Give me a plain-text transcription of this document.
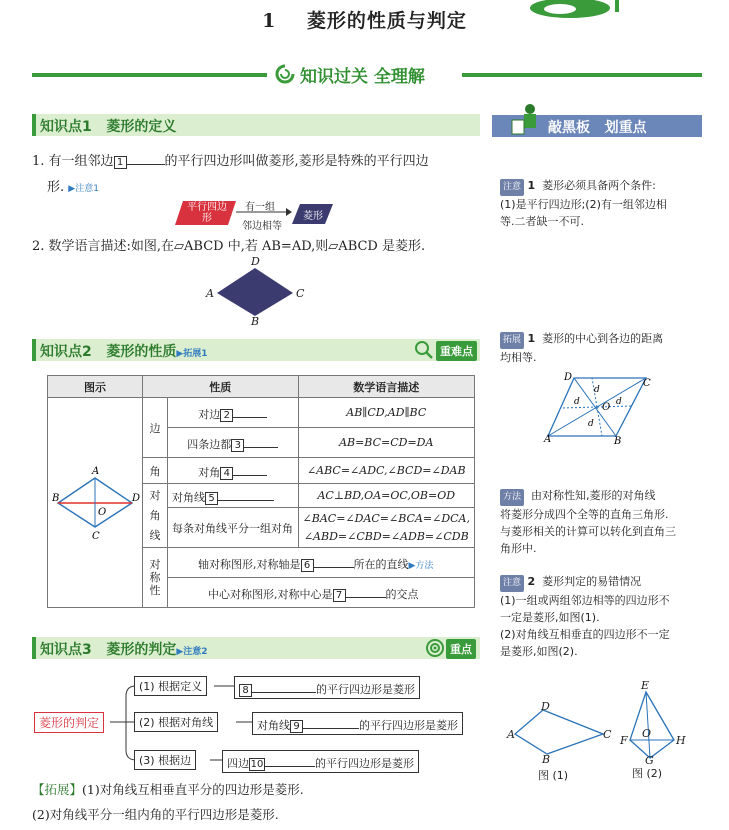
1 菱形的性质与判定
知识过关 全理解
知识点1 菱形的定义
1. 有一组邻边 1	的平行四边形叫做菱形,菱形是特殊的平行四边
形. ▶注意1
平行四边形
有一组
邻边相等
菱形
2. 数学语言描述:如图,在▱ABCD 中,若 AB=AD,则▱ABCD 是菱形.
D
A	C
B
知识点2 菱形的性质▶拓展1	重难点
图示	性质		数学语言描述

A
B D
C
O	边	对边 2	AB∥CD,AD∥BC
		四条边都 3	AB=BC=CD=DA
	角	对角 4	∠ABC=∠ADC,∠BCD=∠DAB
	对角线	对角线 5	AC⊥BD,OA=OC,OB=OD
		每条对角线平分一组对角	∠BAC=∠DAC=∠BCA=∠DCA,
∠ABD=∠CBD=∠ADB=∠CDB
	对称性	轴对称图形,对称轴是 6 所在的直线▶方法	
		中心对称图形,对称中心是 7 的交点	
知识点3 菱形的判定▶注意2	重点
菱形的判定
(1) 根据定义	8	的平行四边形是菱形
(2) 根据对角线	对角线 9	的平行四边形是菱形
(3) 根据边	四边 10	的平行四边形是菱形
【拓展】(1)对角线互相垂直平分的四边形是菱形.
(2)对角线平分一组内角的平行四边形是菱形.
敲黑板 划重点
注意 1 菱形必须具备两个条件:
(1)是平行四边形;(2)有一组邻边相
等.二者缺一不可.
拓展 1 菱形的中心到各边的距离
均相等.
D
C
A	B
O
d
d	d
d
方法 由对称性知,菱形的对角线
将菱形分成四个全等的直角三角形.
与菱形相关的计算可以转化到直角三
角形中.
注意 2 菱形判定的易错情况
(1)一组或两组邻边相等的四边形不
一定是菱形,如图(1).
(2)对角线互相垂直的四边形不一定
是菱形,如图(2).
D
A	C
B
图 (1)
E
F
O
H
G
图 (2)
